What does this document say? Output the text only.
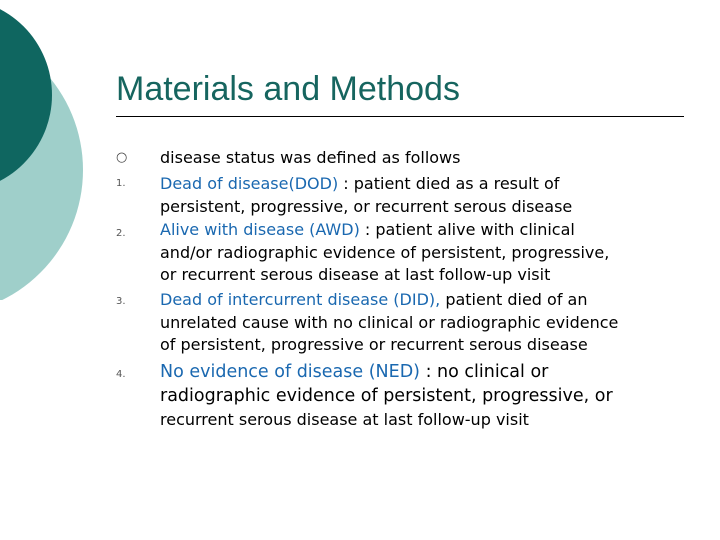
Materials and Methods
○ disease status was defined as follows
1. Dead of disease(DOD) : patient died as a result of
persistent, progressive, or recurrent serous disease
2. Alive with disease (AWD) : patient alive with clinical
and/or radiographic evidence of persistent, progressive,
or recurrent serous disease at last follow-up visit
3. Dead of intercurrent disease (DID), patient died of an
unrelated cause with no clinical or radiographic evidence
of persistent, progressive or recurrent serous disease
4. No evidence of disease (NED) : no clinical or
radiographic evidence of persistent, progressive, or
recurrent serous disease at last follow-up visit
